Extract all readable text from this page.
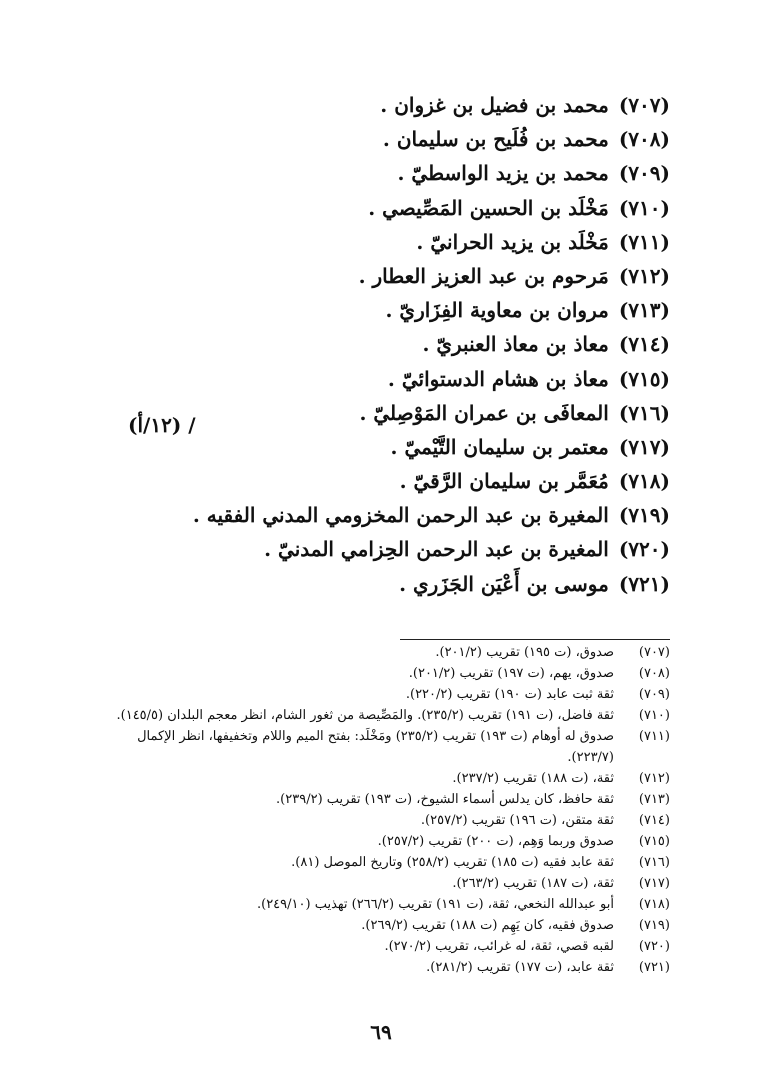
(٧٠٧)محمد بن فضيل بن غزوان .
(٧٠٨)محمد بن فُلَيح بن سليمان .
(٧٠٩)محمد بن يزيد الواسطيّ .
(٧١٠)مَخْلَد بن الحسين المَصِّيصي .
(٧١١)مَخْلَد بن يزيد الحرانيّ .
(٧١٢)مَرحوم بن عبد العزيز العطار .
(٧١٣)مروان بن معاوية الفِزَاريّ .
(٧١٤)معاذ بن معاذ العنبريّ .
(٧١٥)معاذ بن هشام الدستوائيّ .
(٧١٦)المعافَى بن عمران المَوْصِليّ .
(٧١٧)معتمر بن سليمان التَّيْميّ .
(٧١٨)مُعَمَّر بن سليمان الرَّقيّ .
(٧١٩)المغيرة بن عبد الرحمن المخزومي المدني الفقيه .
(٧٢٠)المغيرة بن عبد الرحمن الحِزامي المدنيّ .
(٧٢١)موسى بن أَعْيَن الجَزَري .
/ (١٢/أ)
(٧٠٧)
صدوق، (ت ١٩٥) تقريب (٢٠١/٢).
(٧٠٨)
صدوق، يهم، (ت ١٩٧) تقريب (٢٠١/٢).
(٧٠٩)
ثقة ثبت عابد (ت ١٩٠) تقريب (٢٢٠/٢).
(٧١٠)
ثقة فاضل، (ت ١٩١) تقريب (٢٣٥/٢). والمَصِّيصة من ثغور الشام، انظر معجم البلدان (١٤٥/٥).
(٧١١)
صدوق له أوهام (ت ١٩٣) تقريب (٢٣٥/٢) ومَخْلَد: بفتح الميم واللام وتخفيفها، انظر الإكمال (٢٢٣/٧).
(٧١٢)
ثقة، (ت ١٨٨) تقريب (٢٣٧/٢).
(٧١٣)
ثقة حافظ، كان يدلس أسماء الشيوخ، (ت ١٩٣) تقريب (٢٣٩/٢).
(٧١٤)
ثقة متقن، (ت ١٩٦) تقريب (٢٥٧/٢).
(٧١٥)
صدوق وربما وَهِم، (ت ٢٠٠) تقريب (٢٥٧/٢).
(٧١٦)
ثقة عابد فقيه (ت ١٨٥) تقريب (٢٥٨/٢) وتاريخ الموصل (٨١).
(٧١٧)
ثقة، (ت ١٨٧) تقريب (٢٦٣/٢).
(٧١٨)
أبو عبدالله النخعي، ثقة، (ت ١٩١) تقريب (٢٦٦/٢) تهذيب (٢٤٩/١٠).
(٧١٩)
صدوق فقيه، كان يَهِم (ت ١٨٨) تقريب (٢٦٩/٢).
(٧٢٠)
لقبه قصي، ثقة، له غرائب، تقريب (٢٧٠/٢).
(٧٢١)
ثقة عابد، (ت ١٧٧) تقريب (٢٨١/٢).
٦٩
